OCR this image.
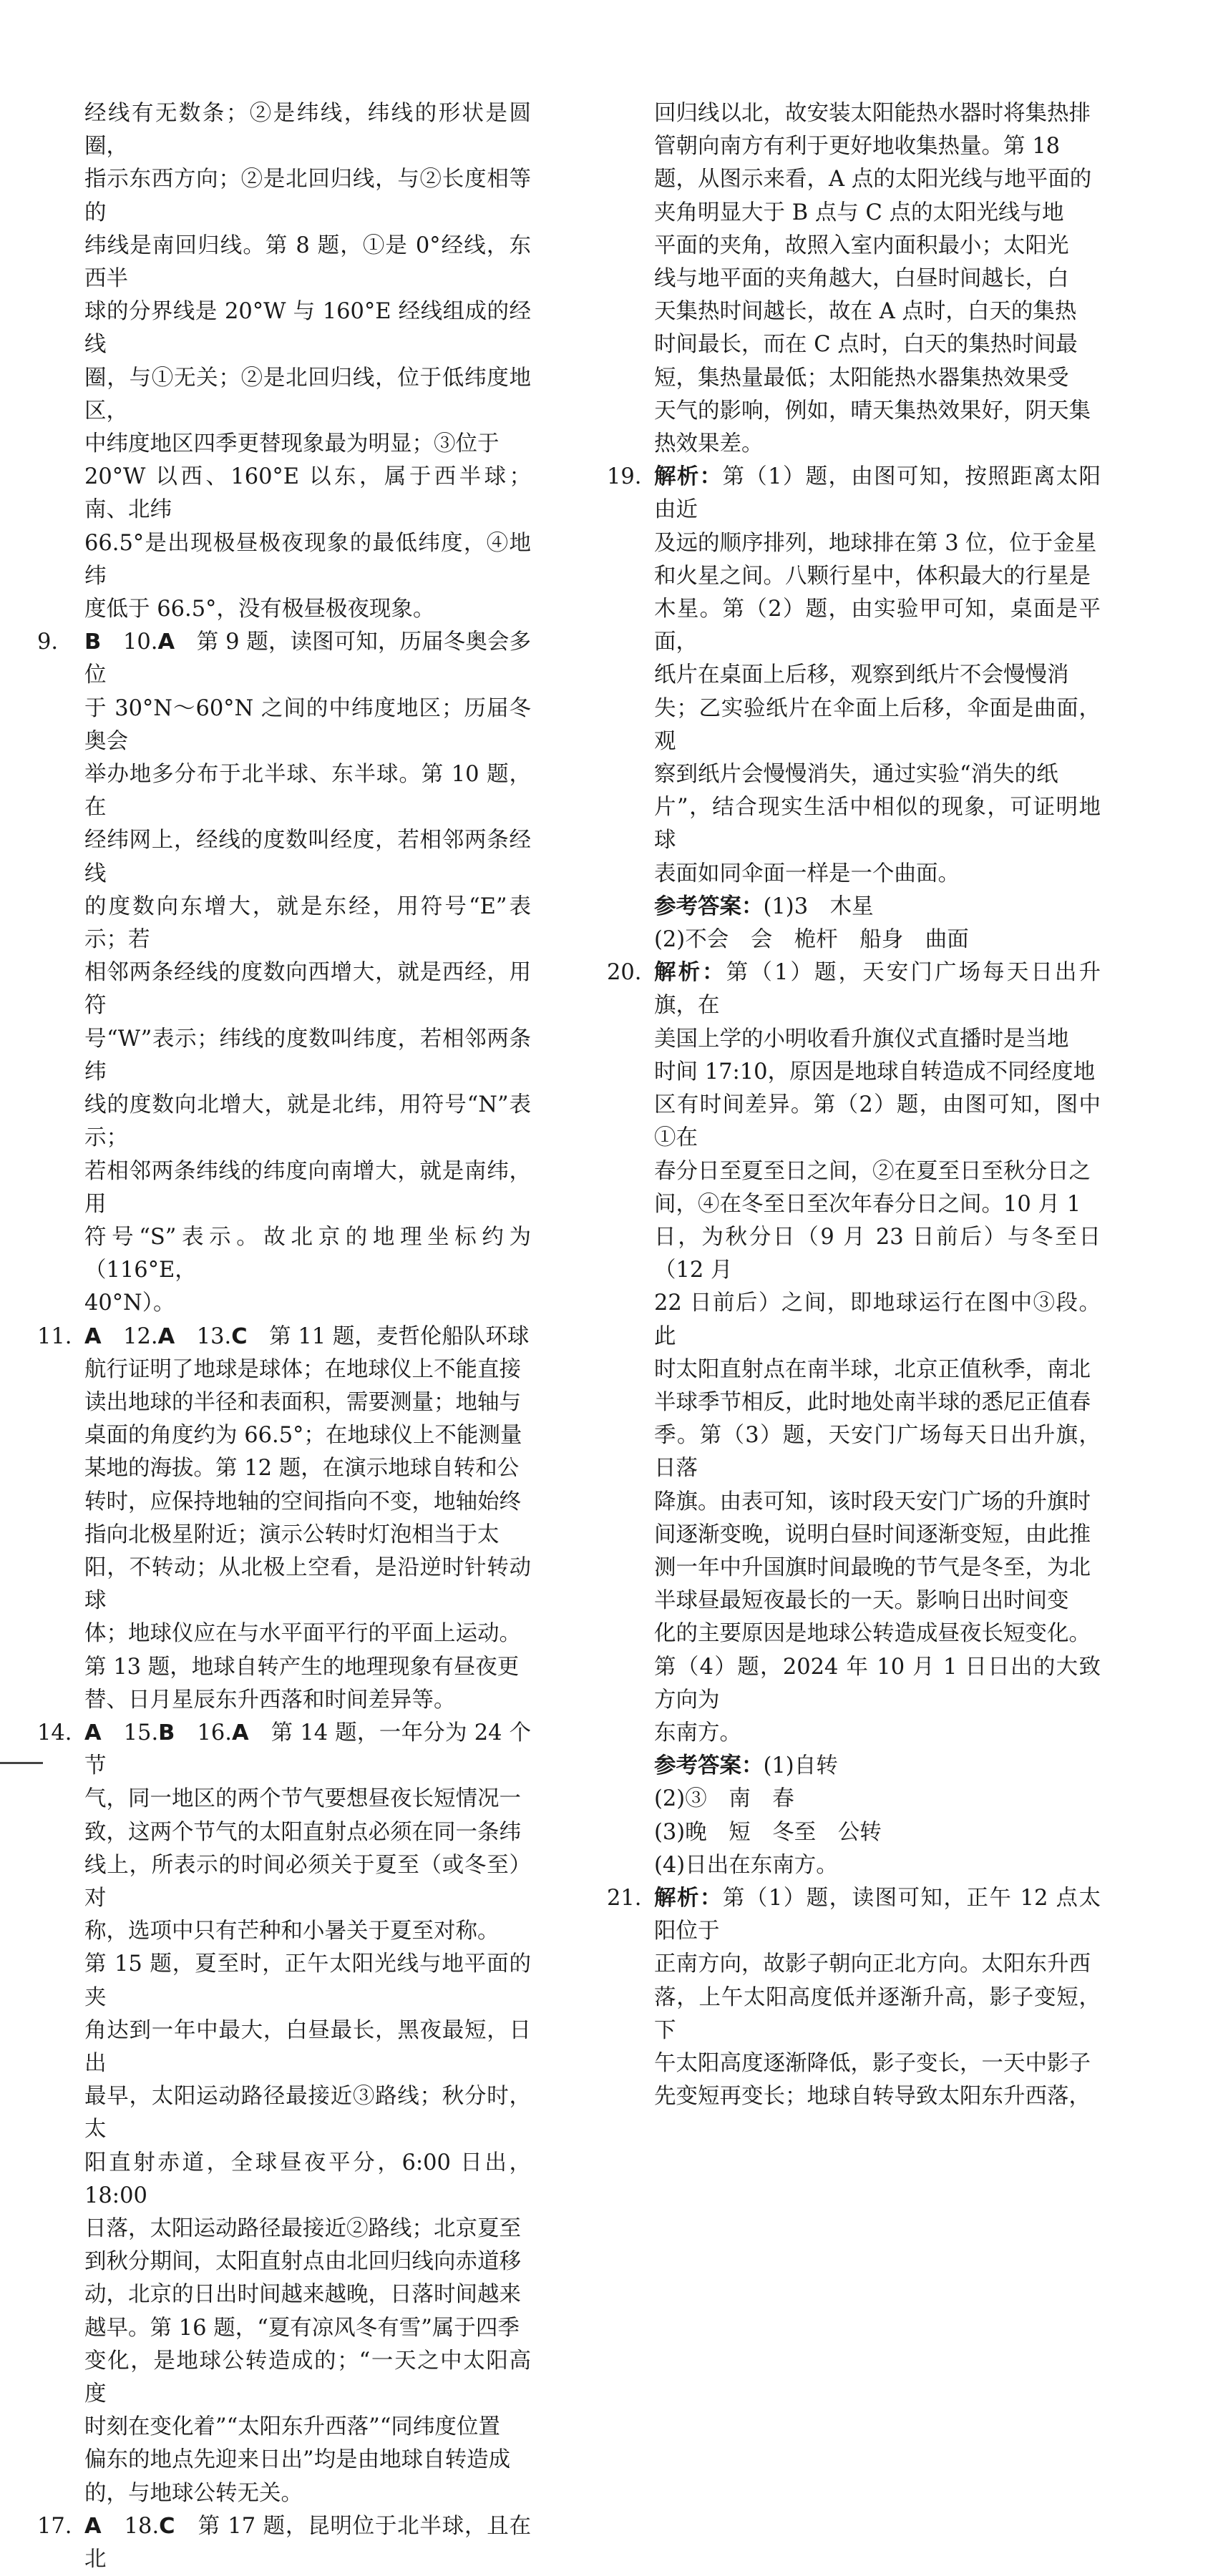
经线有无数条；②是纬线，纬线的形状是圆圈，

指示东西方向；②是北回归线，与②长度相等的

纬线是南回归线。第 8 题，①是 0°经线，东西半

球的分界线是 20°W 与 160°E 经线组成的经线

圈，与①无关；②是北回归线，位于低纬度地区，

中纬度地区四季更替现象最为明显；③位于

20°W 以西、160°E 以东，属于西半球；南、北纬

66.5°是出现极昼极夜现象的最低纬度，④地纬

度低于 66.5°，没有极昼极夜现象。

9. B　 10.A　 第 9 题，读图可知，历届冬奥会多位

于 30°N～60°N 之间的中纬度地区；历届冬奥会

举办地多分布于北半球、东半球。第 10 题，在

经纬网上，经线的度数叫经度，若相邻两条经线

的度数向东增大，就是东经，用符号“E”表示；若

相邻两条经线的度数向西增大，就是西经，用符

号“W”表示；纬线的度数叫纬度，若相邻两条纬

线的度数向北增大，就是北纬，用符号“N”表示；

若相邻两条纬线的纬度向南增大，就是南纬，用

符号“S”表示。故北京的地理坐标约为（116°E，

40°N）。

11. A　 12.A　 13.C　 第 11 题，麦哲伦船队环球

航行证明了地球是球体；在地球仪上不能直接

读出地球的半径和表面积，需要测量；地轴与

桌面的角度约为 66.5°；在地球仪上不能测量

某地的海拔。第 12 题，在演示地球自转和公

转时，应保持地轴的空间指向不变，地轴始终

指向北极星附近；演示公转时灯泡相当于太

阳，不转动；从北极上空看，是沿逆时针转动球

体；地球仪应在与水平面平行的平面上运动。

第 13 题，地球自转产生的地理现象有昼夜更

替、日月星辰东升西落和时间差异等。

14. A　 15.B　 16.A　 第 14 题，一年分为 24 个节

气，同一地区的两个节气要想昼夜长短情况一

致，这两个节气的太阳直射点必须在同一条纬

线上，所表示的时间必须关于夏至（或冬至）对

称，选项中只有芒种和小暑关于夏至对称。

第 15 题，夏至时，正午太阳光线与地平面的夹

角达到一年中最大，白昼最长，黑夜最短，日出

最早，太阳运动路径最接近③路线；秋分时，太

阳直射赤道，全球昼夜平分，6:00 日出，18:00

日落，太阳运动路径最接近②路线；北京夏至

到秋分期间，太阳直射点由北回归线向赤道移

动，北京的日出时间越来越晚，日落时间越来

越早。第 16 题，“夏有凉风冬有雪”属于四季

变化，是地球公转造成的；“一天之中太阳高度

时刻在变化着”“太阳东升西落”“同纬度位置

偏东的地点先迎来日出”均是由地球自转造成

的，与地球公转无关。

17. A　 18.C　 第 17 题，昆明位于北半球，且在北

回归线以北，故安装太阳能热水器时将集热排

管朝向南方有利于更好地收集热量。第 18

题，从图示来看，A 点的太阳光线与地平面的

夹角明显大于 B 点与 C 点的太阳光线与地

平面的夹角，故照入室内面积最小；太阳光

线与地平面的夹角越大，白昼时间越长，白

天集热时间越长，故在 A 点时，白天的集热

时间最长，而在 C 点时，白天的集热时间最

短，集热量最低；太阳能热水器集热效果受

天气的影响，例如，晴天集热效果好，阴天集

热效果差。

19. 解析：第（1）题，由图可知，按照距离太阳由近

及远的顺序排列，地球排在第 3 位，位于金星

和火星之间。八颗行星中，体积最大的行星是

木星。第（2）题，由实验甲可知，桌面是平面，

纸片在桌面上后移，观察到纸片不会慢慢消

失；乙实验纸片在伞面上后移，伞面是曲面，观

察到纸片会慢慢消失，通过实验“消失的纸

片”，结合现实生活中相似的现象，可证明地球

表面如同伞面一样是一个曲面。

参考答案：(1)3　木星

(2)不会　会　桅杆　船身　曲面

20. 解析：第（1）题，天安门广场每天日出升旗，在

美国上学的小明收看升旗仪式直播时是当地

时间 17:10，原因是地球自转造成不同经度地

区有时间差异。第（2）题，由图可知，图中①在

春分日至夏至日之间，②在夏至日至秋分日之

间，④在冬至日至次年春分日之间。10 月 1

日，为秋分日（9 月 23 日前后）与冬至日（12 月

22 日前后）之间，即地球运行在图中③段。此

时太阳直射点在南半球，北京正值秋季，南北

半球季节相反，此时地处南半球的悉尼正值春

季。第（3）题，天安门广场每天日出升旗，日落

降旗。由表可知，该时段天安门广场的升旗时

间逐渐变晚，说明白昼时间逐渐变短，由此推

测一年中升国旗时间最晚的节气是冬至，为北

半球昼最短夜最长的一天。影响日出时间变

化的主要原因是地球公转造成昼夜长短变化。

第（4）题，2024 年 10 月 1 日日出的大致方向为

东南方。

参考答案：(1)自转

(2)③　南　春

(3)晚　短　冬至　公转

(4)日出在东南方。

21. 解析：第（1）题，读图可知，正午 12 点太阳位于

正南方向，故影子朝向正北方向。太阳东升西

落，上午太阳高度低并逐渐升高，影子变短，下

午太阳高度逐渐降低，影子变长，一天中影子

先变短再变长；地球自转导致太阳东升西落，
